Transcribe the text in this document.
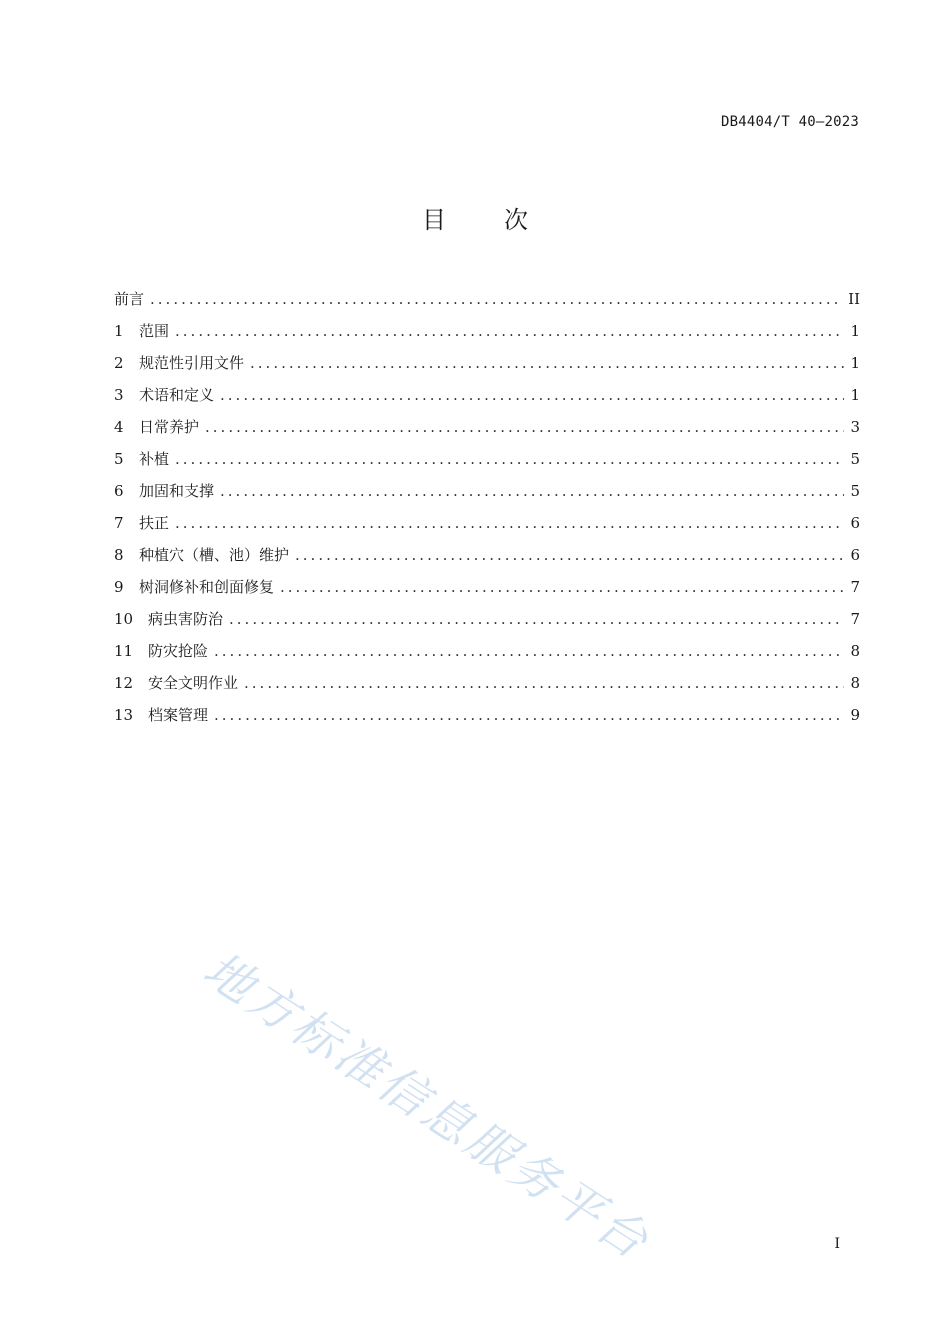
DB4404/T 40—2023
目次
前言 .....	II
1	范围 .....	1
2	规范性引用文件 .....	1
3	术语和定义 .....	1
4	日常养护 .....	3
5	补植 .....	5
6	加固和支撑 .....	5
7	扶正 .....	6
8	种植穴（槽、池）维护 .....	6
9	树洞修补和创面修复 .....	7
10 病虫害防治 .....	7
11 防灾抢险 .....	8
12 安全文明作业 .....	8
13 档案管理 .....	9
地方标准信息服务平台	I
